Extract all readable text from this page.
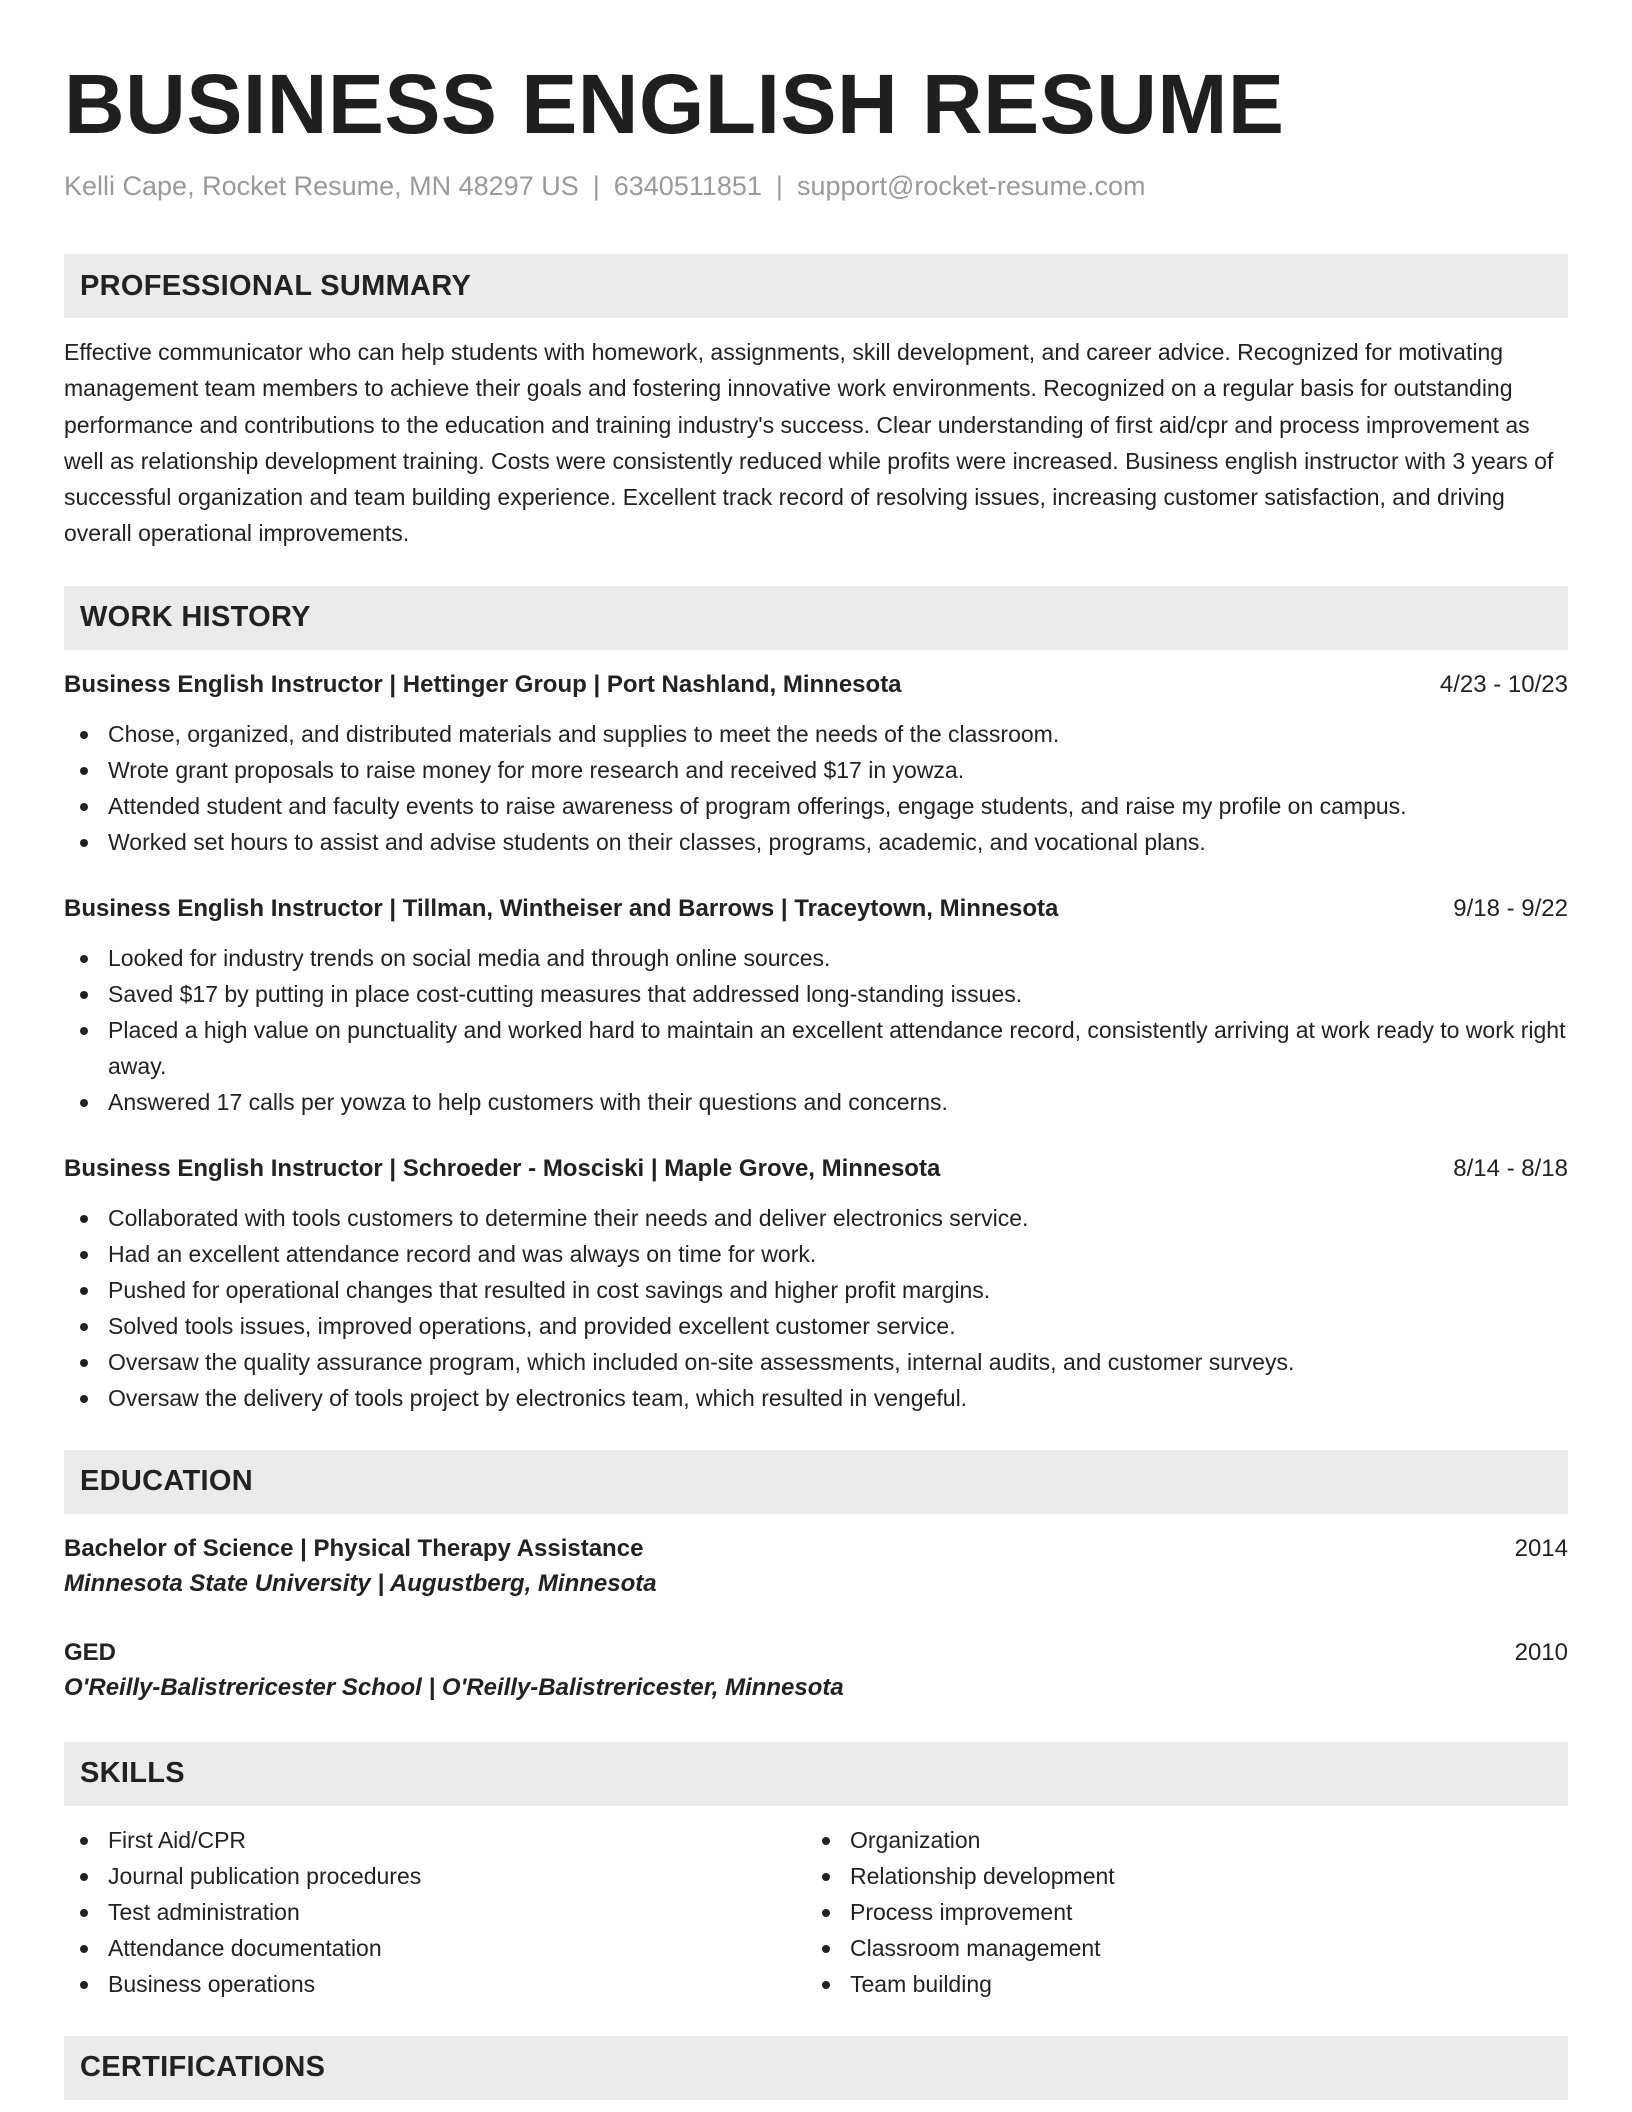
BUSINESS ENGLISH RESUME
Kelli Cape, Rocket Resume, MN 48297 US | 6340511851 | support@rocket-resume.com
PROFESSIONAL SUMMARY
Effective communicator who can help students with homework, assignments, skill development, and career advice. Recognized for motivating management team members to achieve their goals and fostering innovative work environments. Recognized on a regular basis for outstanding performance and contributions to the education and training industry's success. Clear understanding of first aid/cpr and process improvement as well as relationship development training. Costs were consistently reduced while profits were increased. Business english instructor with 3 years of successful organization and team building experience. Excellent track record of resolving issues, increasing customer satisfaction, and driving overall operational improvements.
WORK HISTORY
Business English Instructor | Hettinger Group | Port Nashland, Minnesota	4/23 - 10/23
Chose, organized, and distributed materials and supplies to meet the needs of the classroom.
Wrote grant proposals to raise money for more research and received $17 in yowza.
Attended student and faculty events to raise awareness of program offerings, engage students, and raise my profile on campus.
Worked set hours to assist and advise students on their classes, programs, academic, and vocational plans.
Business English Instructor | Tillman, Wintheiser and Barrows | Traceytown, Minnesota	9/18 - 9/22
Looked for industry trends on social media and through online sources.
Saved $17 by putting in place cost-cutting measures that addressed long-standing issues.
Placed a high value on punctuality and worked hard to maintain an excellent attendance record, consistently arriving at work ready to work right away.
Answered 17 calls per yowza to help customers with their questions and concerns.
Business English Instructor | Schroeder - Mosciski | Maple Grove, Minnesota	8/14 - 8/18
Collaborated with tools customers to determine their needs and deliver electronics service.
Had an excellent attendance record and was always on time for work.
Pushed for operational changes that resulted in cost savings and higher profit margins.
Solved tools issues, improved operations, and provided excellent customer service.
Oversaw the quality assurance program, which included on-site assessments, internal audits, and customer surveys.
Oversaw the delivery of tools project by electronics team, which resulted in vengeful.
EDUCATION
Bachelor of Science | Physical Therapy Assistance	2014
Minnesota State University | Augustberg, Minnesota
GED	2010
O'Reilly-Balistrericester School | O'Reilly-Balistrericester, Minnesota
SKILLS
First Aid/CPR
Journal publication procedures
Test administration
Attendance documentation
Business operations
Organization
Relationship development
Process improvement
Classroom management
Team building
CERTIFICATIONS
